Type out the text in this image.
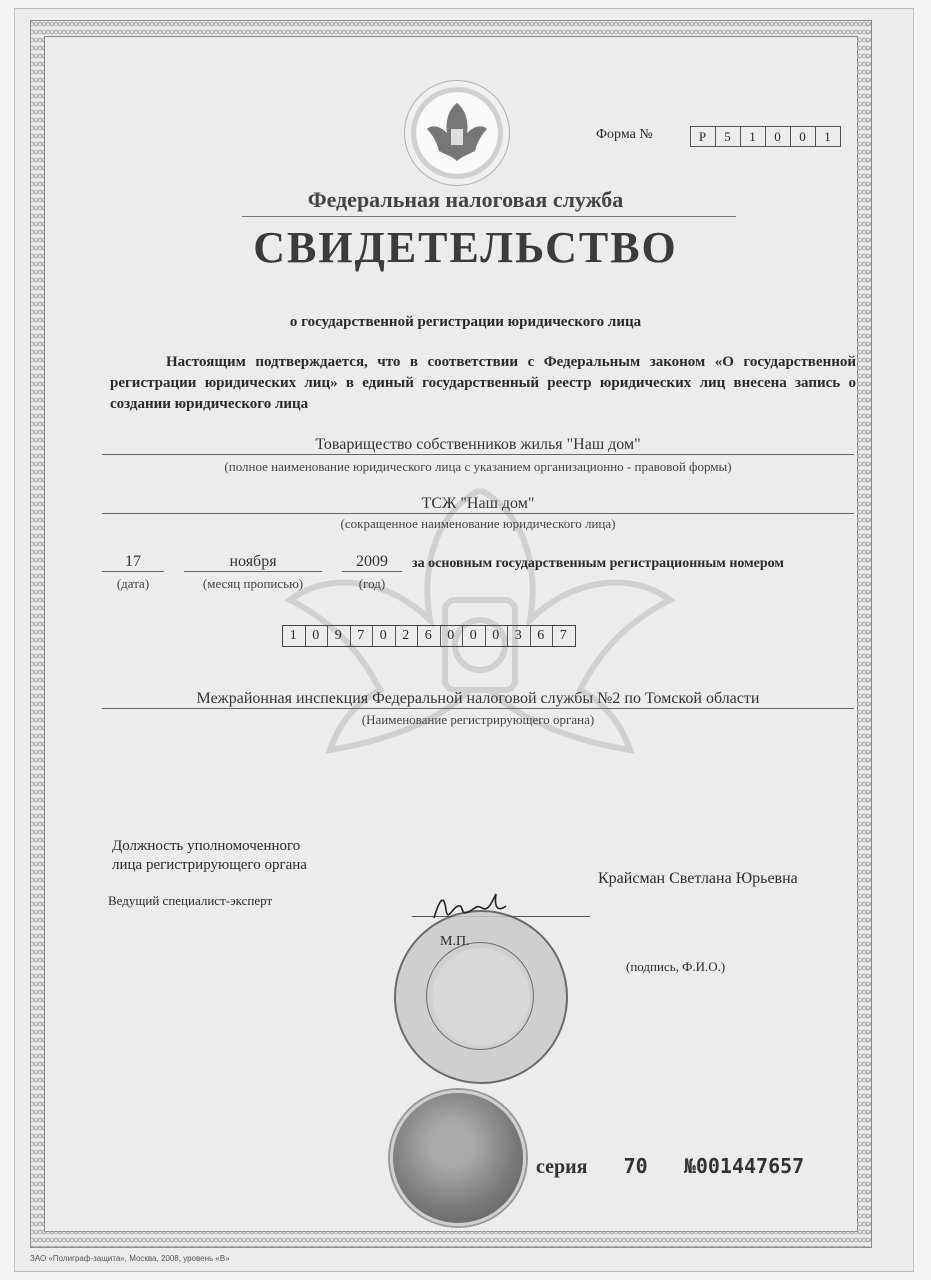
Форма №	Р	5	1	0	0	1
Федеральная налоговая служба
СВИДЕТЕЛЬСТВО
о государственной регистрации юридического лица
Настоящим подтверждается, что в соответствии с Федеральным законом «О государственной регистрации юридических лиц» в единый государственный реестр юридических лиц внесена запись о создании юридического лица
Товарищество собственников жилья "Наш дом"
(полное наименование юридического лица с указанием организационно - правовой формы)
ТСЖ "Наш дом"
(сокращенное наименование юридического лица)
17
(дата)
ноября
(месяц прописью)
2009
(год)
за основным государственным регистрационным номером
1	0	9	7	0	2	6	0	0	0	3	6	7
Межрайонная инспекция Федеральной налоговой службы №2 по Томской области
(Наименование регистрирующего органа)
Должность уполномоченного
лица регистрирующего органа
Ведущий специалист-эксперт
Крайсман Светлана Юрьевна
М.П.
(подпись, Ф.И.О.)
серия 70 №001447657
ЗАО «Полиграф-защита», Москва, 2008, уровень «В»
